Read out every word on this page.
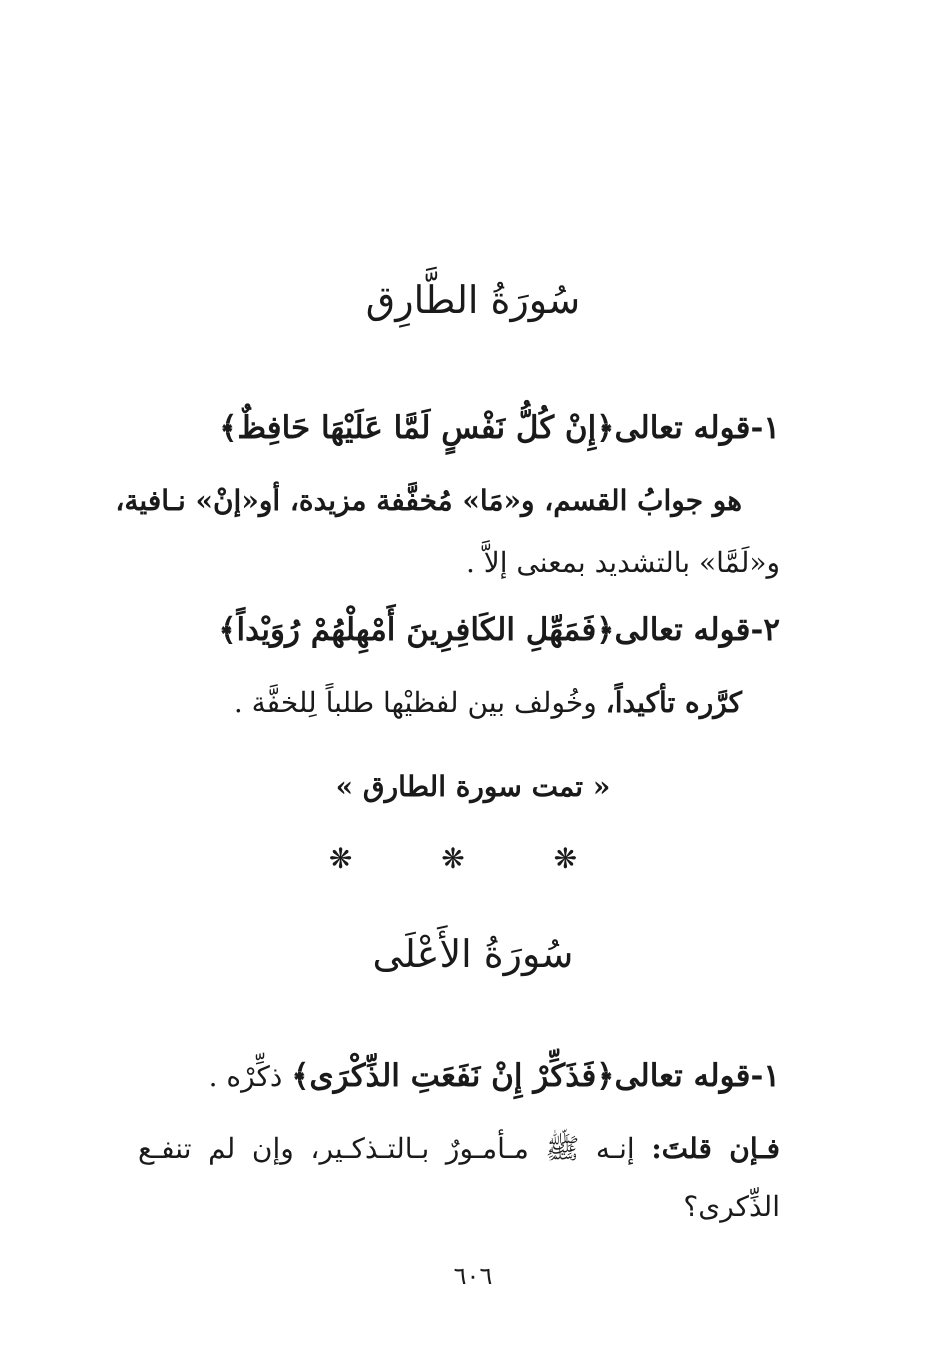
سُورَةُ الطَّارِق
١-قوله تعالى﴿إِنْ كُلُّ نَفْسٍ لَمَّا عَلَيْهَا حَافِظٌ﴾
هو جوابُ القسم، و«مَا» مُخفَّفة مزيدة، أو«إنْ» نـافية،
و«لَمَّا» بالتشديد بمعنى إلاَّ .
٢-قوله تعالى﴿فَمَهِّلِ الكَافِرِينَ أَمْهِلْهُمْ رُوَيْداً﴾
كرَّره تأكيداً، وخُولف بين لفظيْها طلباً لِلخفَّة .
« تمت سورة الطارق »
❋ ❋ ❋
سُورَةُ الأَعْلَى
١-قوله تعالى﴿فَذَكِّرْ إِنْ نَفَعَتِ الذِّكْرَى﴾ ذكِّرْه .
فـإن قلتَ: إنـه ﷺ مـأمـورٌ بـالتـذكـير، وإن لم تنفـع
الذِّكرى؟
٦٠٦
